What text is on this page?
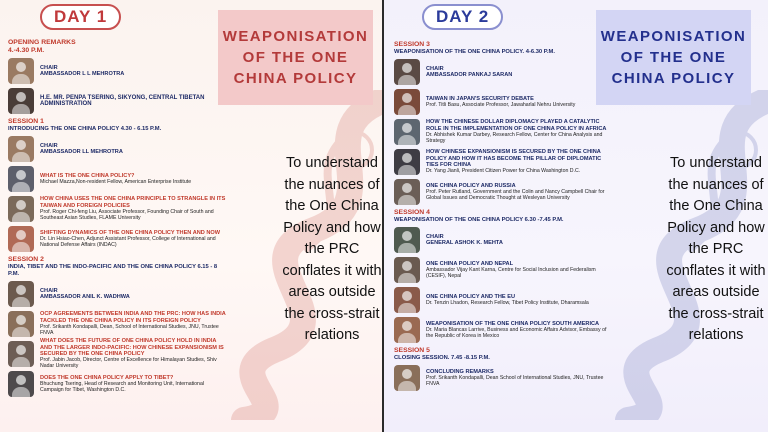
DAY 1
WEAPONISATION OF THE ONE CHINA POLICY
To understand the nuances of the One China Policy and how the PRC conflates it with areas outside the cross-strait relations
OPENING REMARKS
4.-4.30 P.M.
CHAIR
AMBASSADOR L L MEHROTRA
H.E. MR. PENPA TSERING, SIKYONG, CENTRAL TIBETAN ADMINISTRATION
SESSION 1
INTRODUCING THE ONE CHINA POLICY 4.30 - 6.15 P.M.
CHAIR
AMBASSADOR LL MEHROTRA
WHAT IS THE ONE CHINA POLICY?
Michael Mazza,Non-resident Fellow, American Enterprise Institute
HOW CHINA USES THE ONE CHINA PRINCIPLE TO STRANGLE IN ITS TAIWAN AND FOREIGN POLICIES
Prof. Roger Chi-feng Liu, Associate Professor, Founding Chair of South and Southeast Asian Studies, FLAME University
SHIFTING DYNAMICS OF THE ONE CHINA POLICY THEN AND NOW
Dr. Lin Hsiao-Chen, Adjunct Assistant Professor, College of International and National Defense Affairs (INDAC)
SESSION 2
INDIA, TIBET AND THE INDO-PACIFIC AND THE ONE CHINA POLICY 6.15 - 8 P.M.
CHAIR
AMBASSADOR ANIL K. WADHWA
OCP AGREEMENTS BETWEEN INDIA AND THE PRC: HOW HAS INDIA TACKLED THE ONE CHINA POLICY IN ITS FOREIGN POLICY
Prof. Srikanth Kondapalli, Dean, School of International Studies, JNU, Trustee FNVA
WHAT DOES THE FUTURE OF ONE CHINA POLICY HOLD IN INDIA AND THE LARGER INDO-PACIFIC: HOW CHINESE EXPANSIONISM IS SECURED BY THE ONE CHINA POLICY
Prof. Jabin Jacob, Director, Centre of Excellence for Himalayan Studies, Shiv Nadar University
DOES THE ONE CHINA POLICY APPLY TO TIBET?
Bhuchung Tsering, Head of Research and Monitoring Unit, International Campaign for Tibet, Washington D.C.
DAY 2
WEAPONISATION OF THE ONE CHINA POLICY
To understand the nuances of the One China Policy and how the PRC conflates it with areas outside the cross-strait relations
SESSION 3
WEAPONISATION OF THE ONE CHINA POLICY. 4-6.30 P.M.
CHAIR
AMBASSADOR PANKAJ SARAN
TAIWAN IN JAPAN'S SECURITY DEBATE
Prof. Titli Basu, Associate Professor, Jawaharlal Nehru University
HOW THE CHINESE DOLLAR DIPLOMACY PLAYED A CATALYTIC ROLE IN THE IMPLEMENTATION OF ONE CHINA POLICY IN AFRICA
Dr. Abhishek Kumar Darbey, Research Fellow, Center for China Analysis and Strategy
HOW CHINESE EXPANSIONISM IS SECURED BY THE ONE CHINA POLICY AND HOW IT HAS BECOME THE PILLAR OF DIPLOMATIC TIES FOR CHINA
Dr. Yang Jianli, President Citizen Power for China Washington D.C.
ONE CHINA POLICY AND RUSSIA
Prof. Peter Rutland, Government and the Colin and Nancy Campbell Chair for Global Issues and Democratic Thought at Wesleyan University
SESSION 4
WEAPONISATION OF THE ONE CHINA POLICY 6.30 -7.45 P.M.
CHAIR
GENERAL ASHOK K. MEHTA
ONE CHINA POLICY AND NEPAL
Ambassador Vijay Kant Karna, Centre for Social Inclusion and Federalism (CESIF), Nepal
ONE CHINA POLICY AND THE EU
Dr. Tenzin Lhadon, Research Fellow, Tibet Policy Institute, Dharamsala
WEAPONISATION OF THE ONE CHINA POLICY SOUTH AMERICA
Dr. Maria Blancas Larrive, Business and Economic Affairs Advisor, Embassy of the Republic of Korea in Mexico
SESSION 5
CLOSING SESSION. 7.45 -8.15 P.M.
CONCLUDING REMARKS
Prof. Srikanth Kondapalli, Dean School of International Studies, JNU, Trustee FNVA
